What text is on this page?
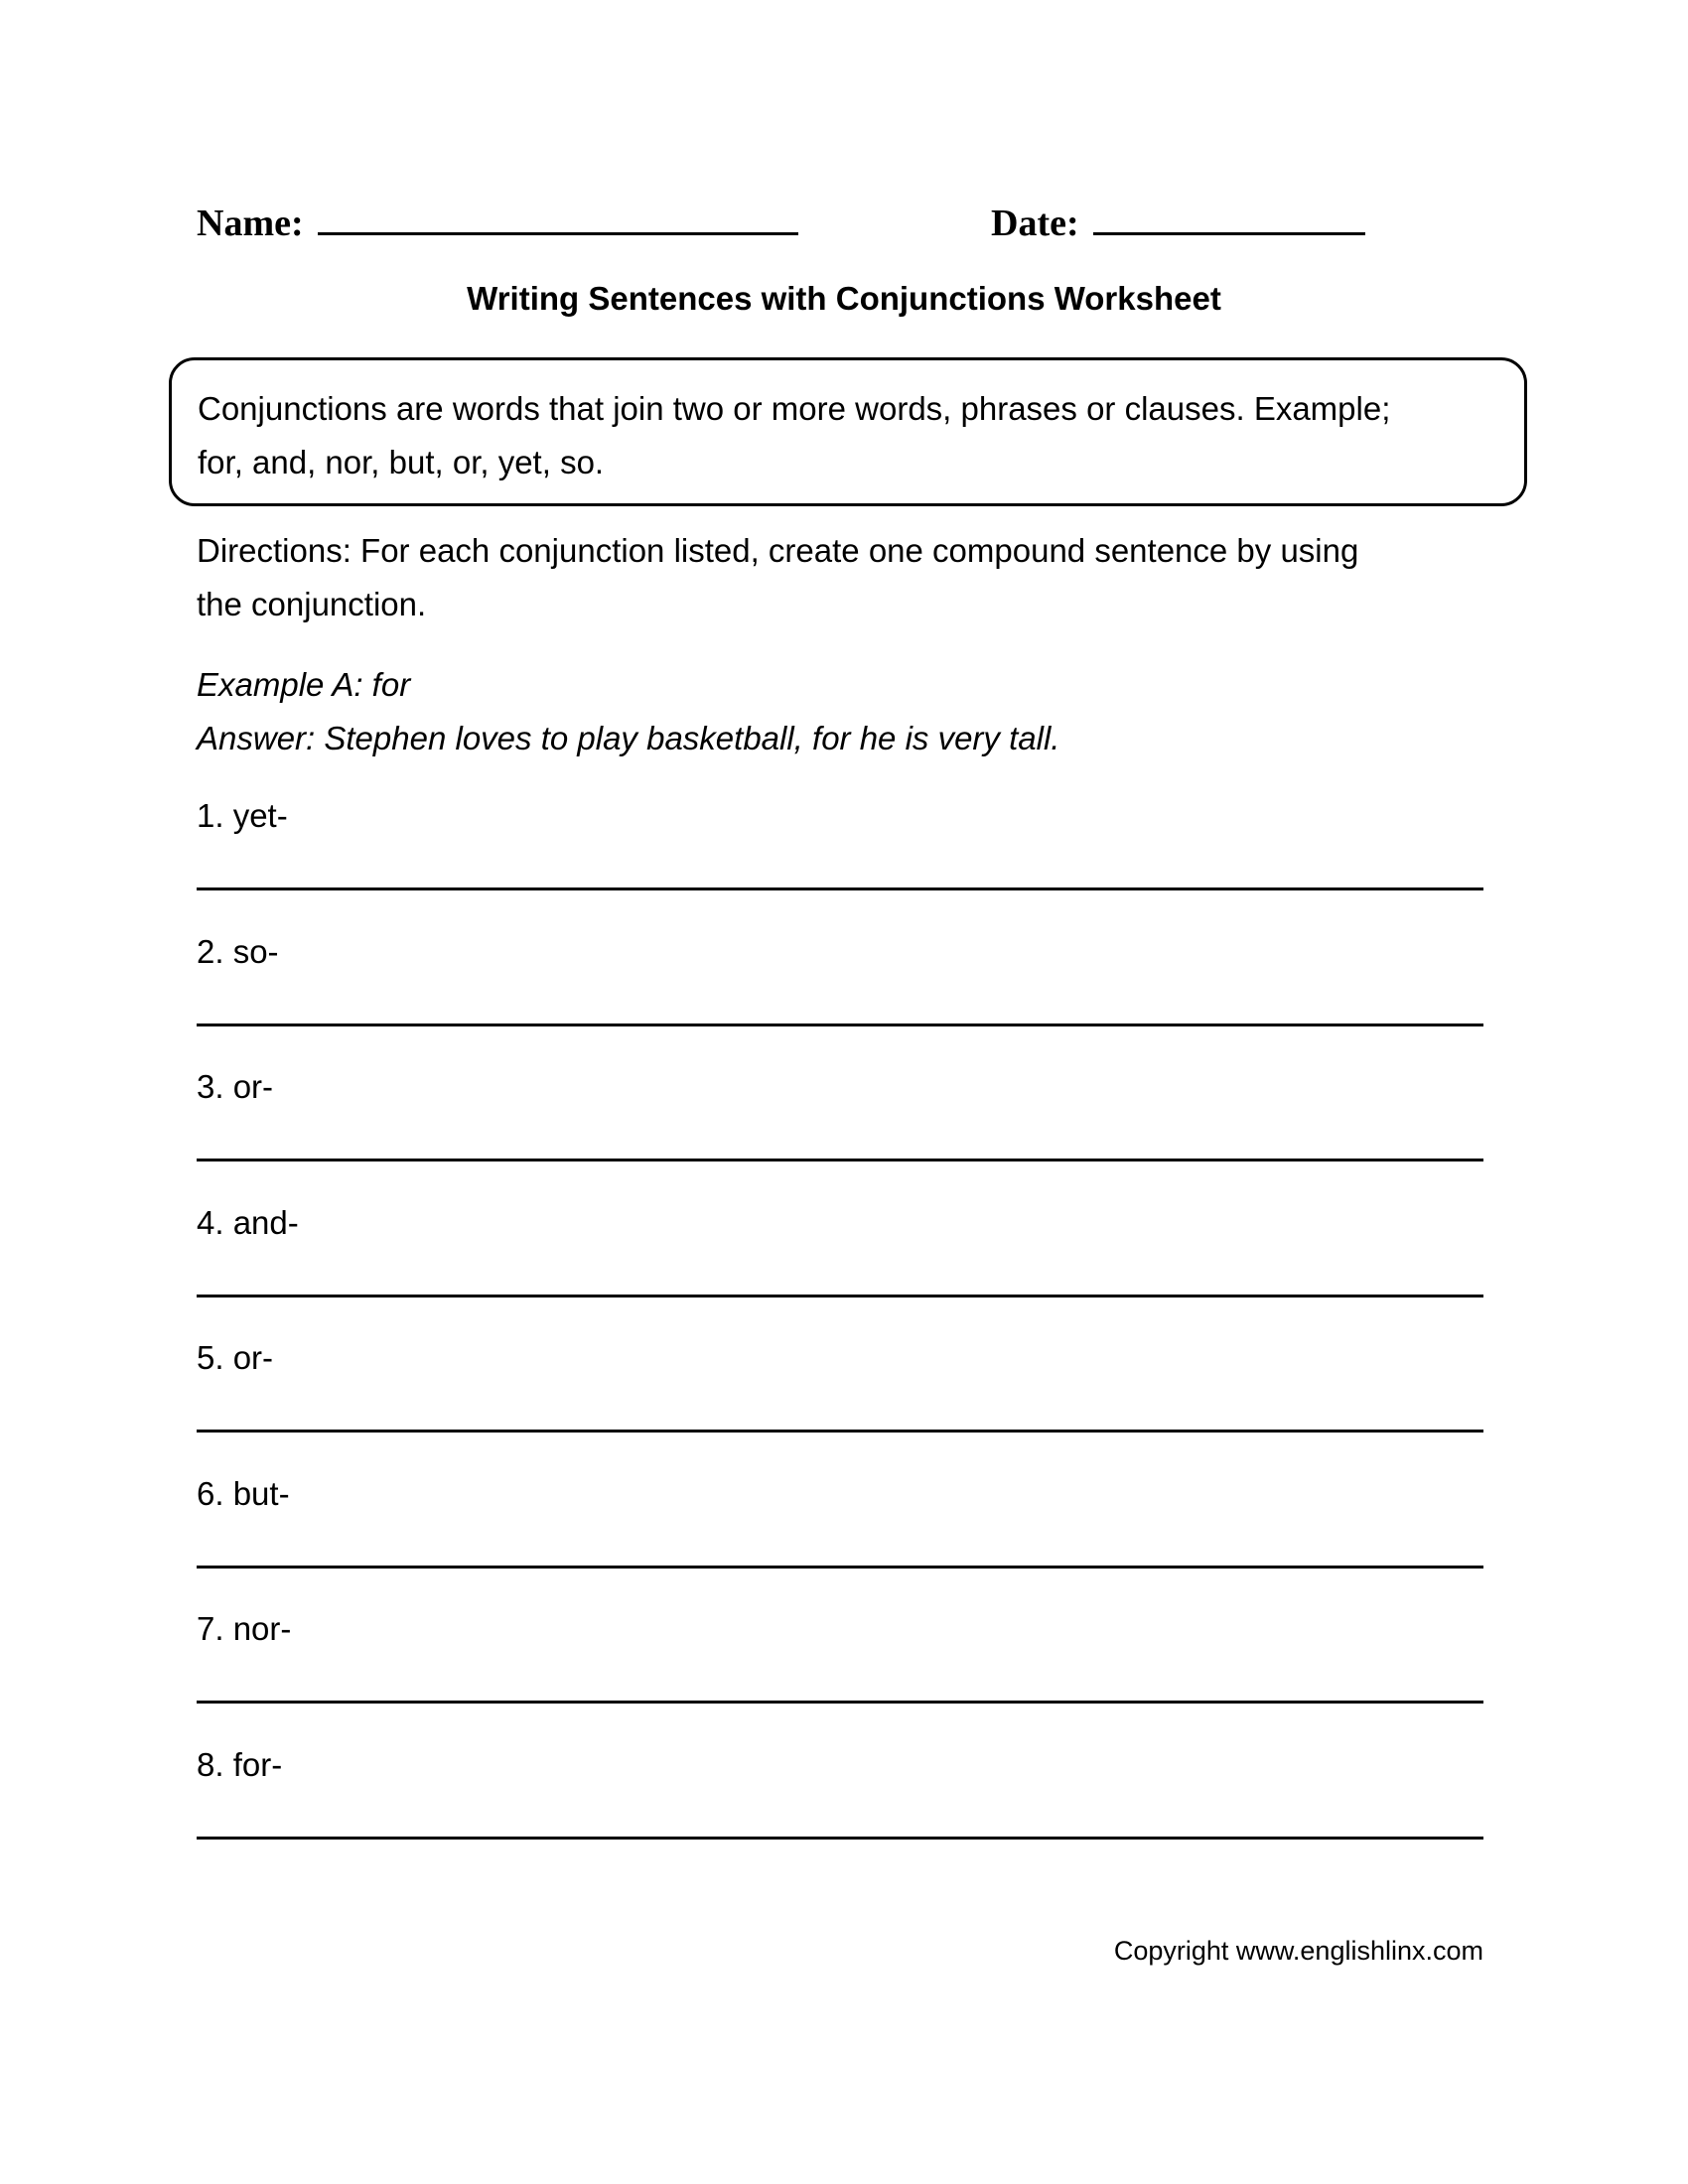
Name:	Date:
Writing Sentences with Conjunctions Worksheet
Conjunctions are words that join two or more words, phrases or clauses. Example;
for, and, nor, but, or, yet, so.
Directions: For each conjunction listed, create one compound sentence by using
the conjunction.
Example A: for
Answer: Stephen loves to play basketball, for he is very tall.
1. yet-
2. so-
3. or-
4. and-
5. or-
6. but-
7. nor-
8. for-
Copyright www.englishlinx.com
